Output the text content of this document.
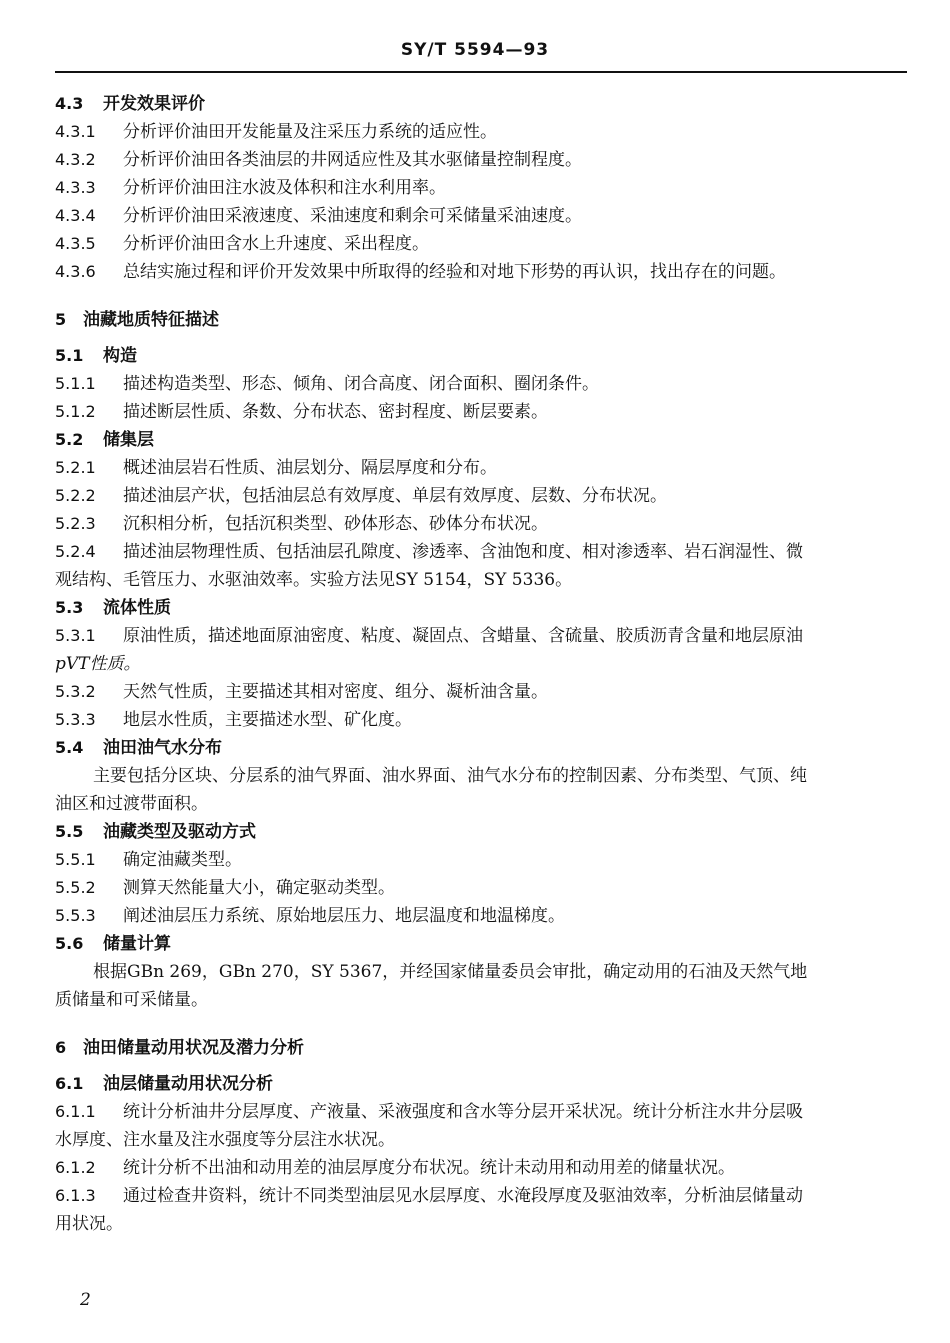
SY/T 5594—93
4.3 开发效果评价
4.3.1 分析评价油田开发能量及注采压力系统的适应性。
4.3.2 分析评价油田各类油层的井网适应性及其水驱储量控制程度。
4.3.3 分析评价油田注水波及体积和注水利用率。
4.3.4 分析评价油田采液速度、采油速度和剩余可采储量采油速度。
4.3.5 分析评价油田含水上升速度、采出程度。
4.3.6 总结实施过程和评价开发效果中所取得的经验和对地下形势的再认识，找出存在的问题。
5 油藏地质特征描述
5.1 构造
5.1.1 描述构造类型、形态、倾角、闭合高度、闭合面积、圈闭条件。
5.1.2 描述断层性质、条数、分布状态、密封程度、断层要素。
5.2 储集层
5.2.1 概述油层岩石性质、油层划分、隔层厚度和分布。
5.2.2 描述油层产状，包括油层总有效厚度、单层有效厚度、层数、分布状况。
5.2.3 沉积相分析，包括沉积类型、砂体形态、砂体分布状况。
5.2.4 描述油层物理性质、包括油层孔隙度、渗透率、含油饱和度、相对渗透率、岩石润湿性、微
观结构、毛管压力、水驱油效率。实验方法见SY 5154，SY 5336。
5.3 流体性质
5.3.1 原油性质，描述地面原油密度、粘度、凝固点、含蜡量、含硫量、胶质沥青含量和地层原油
pVT性质。
5.3.2 天然气性质，主要描述其相对密度、组分、凝析油含量。
5.3.3 地层水性质，主要描述水型、矿化度。
5.4 油田油气水分布
主要包括分区块、分层系的油气界面、油水界面、油气水分布的控制因素、分布类型、气顶、纯
油区和过渡带面积。
5.5 油藏类型及驱动方式
5.5.1 确定油藏类型。
5.5.2 测算天然能量大小，确定驱动类型。
5.5.3 阐述油层压力系统、原始地层压力、地层温度和地温梯度。
5.6 储量计算
根据GBn 269，GBn 270，SY 5367，并经国家储量委员会审批，确定动用的石油及天然气地
质储量和可采储量。
6 油田储量动用状况及潜力分析
6.1 油层储量动用状况分析
6.1.1 统计分析油井分层厚度、产液量、采液强度和含水等分层开采状况。统计分析注水井分层吸
水厚度、注水量及注水强度等分层注水状况。
6.1.2 统计分析不出油和动用差的油层厚度分布状况。统计未动用和动用差的储量状况。
6.1.3 通过检查井资料，统计不同类型油层见水层厚度、水淹段厚度及驱油效率，分析油层储量动
用状况。
2
